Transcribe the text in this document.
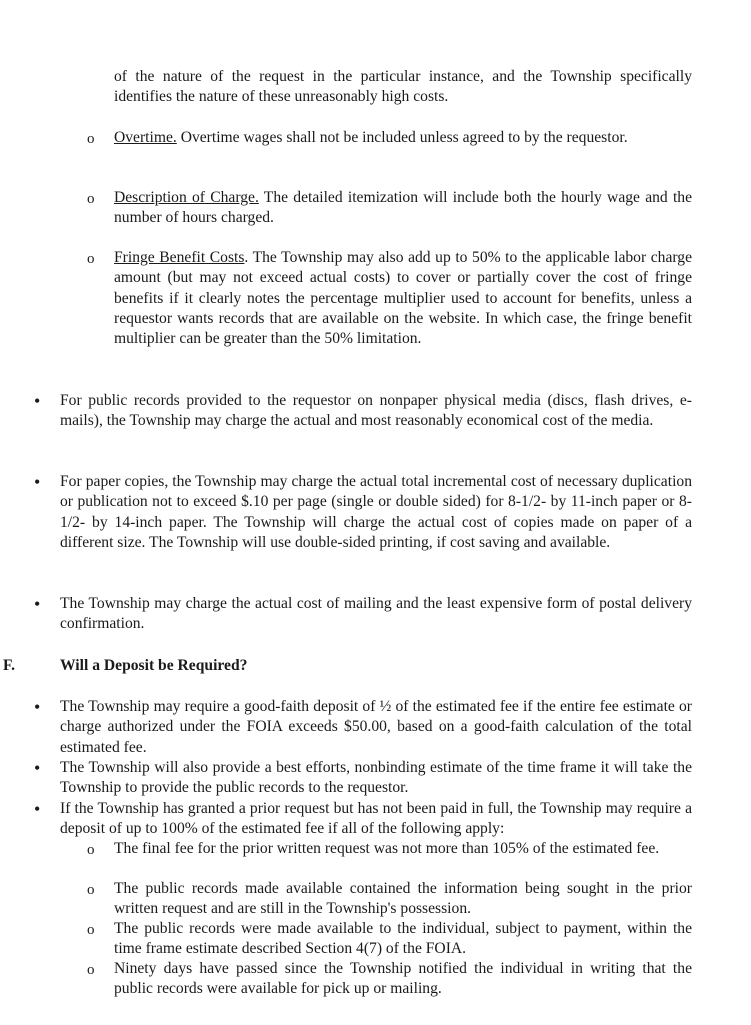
of the nature of the request in the particular instance, and the Township specifically identifies the nature of these unreasonably high costs.

o Overtime. Overtime wages shall not be included unless agreed to by the requestor.

o Description of Charge. The detailed itemization will include both the hourly wage and the number of hours charged.

o Fringe Benefit Costs. The Township may also add up to 50% to the applicable labor charge amount (but may not exceed actual costs) to cover or partially cover the cost of fringe benefits if it clearly notes the percentage multiplier used to account for benefits, unless a requestor wants records that are available on the website. In which case, the fringe benefit multiplier can be greater than the 50% limitation.

• For public records provided to the requestor on nonpaper physical media (discs, flash drives, e-mails), the Township may charge the actual and most reasonably economical cost of the media.

• For paper copies, the Township may charge the actual total incremental cost of necessary duplication or publication not to exceed $.10 per page (single or double sided) for 8-1/2- by 11-inch paper or 8-1/2- by 14-inch paper. The Township will charge the actual cost of copies made on paper of a different size. The Township will use double-sided printing, if cost saving and available.

• The Township may charge the actual cost of mailing and the least expensive form of postal delivery confirmation.

F.	Will a Deposit be Required?
• The Township may require a good-faith deposit of ½ of the estimated fee if the entire fee estimate or charge authorized under the FOIA exceeds $50.00, based on a good-faith calculation of the total estimated fee.

• The Township will also provide a best efforts, nonbinding estimate of the time frame it will take the Township to provide the public records to the requestor.

• If the Township has granted a prior request but has not been paid in full, the Township may require a deposit of up to 100% of the estimated fee if all of the following apply:

o The final fee for the prior written request was not more than 105% of the estimated fee.

o The public records made available contained the information being sought in the prior written request and are still in the Township's possession.

o The public records were made available to the individual, subject to payment, within the time frame estimate described Section 4(7) of the FOIA.

o Ninety days have passed since the Township notified the individual in writing that the public records were available for pick up or mailing.
